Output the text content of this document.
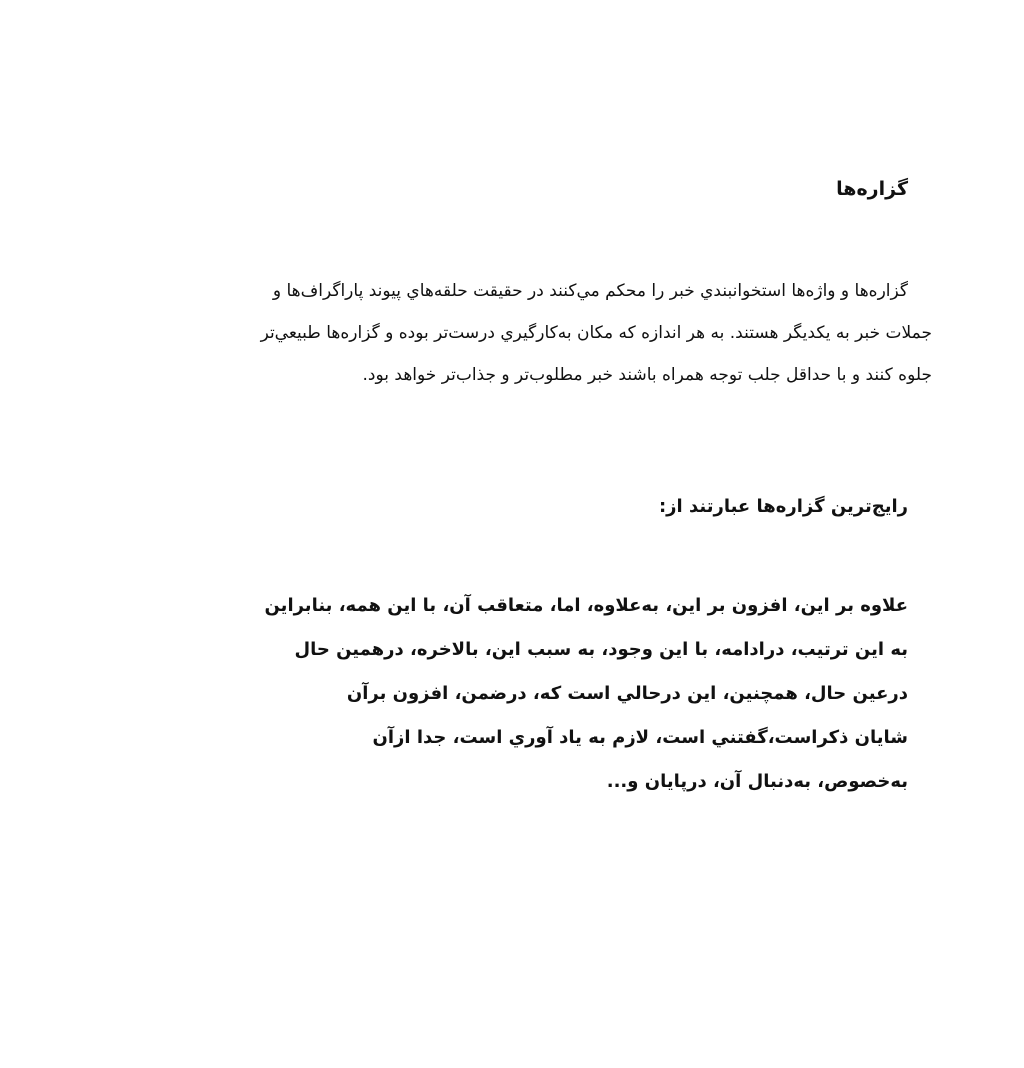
گزاره‌ها

گزاره‌ها و واژه‌ها استخوانبندي خبر را محكم مي‌كنند در حقيقت حلقه‌هاي پيوند پاراگراف‌ها و
جملات خبر به يكديگر هستند. به هر اندازه كه مكان به‌كارگيري درست‌تر بوده و گزاره‌ها طبيعي‌تر
جلوه كنند و با حداقل جلب توجه همراه باشند خبر مطلوب‌تر و جذاب‌تر خواهد بود.

رايج‌ترين گزاره‌ها عبارتند از:
علاوه بر اين، افزون بر اين، به‌علاوه، اما، متعاقب آن، با اين همه، بنابراين
به اين ترتيب، درادامه، با اين وجود، به سبب اين، بالاخره، درهمين حال
درعين حال، همچنين، اين درحالي است كه، درضمن، افزون برآن
شايان ذكراست،گفتني است، لازم به ياد آوري است، جدا ازآن
به‌خصوص، به‌دنبال آن، درپايان و...
